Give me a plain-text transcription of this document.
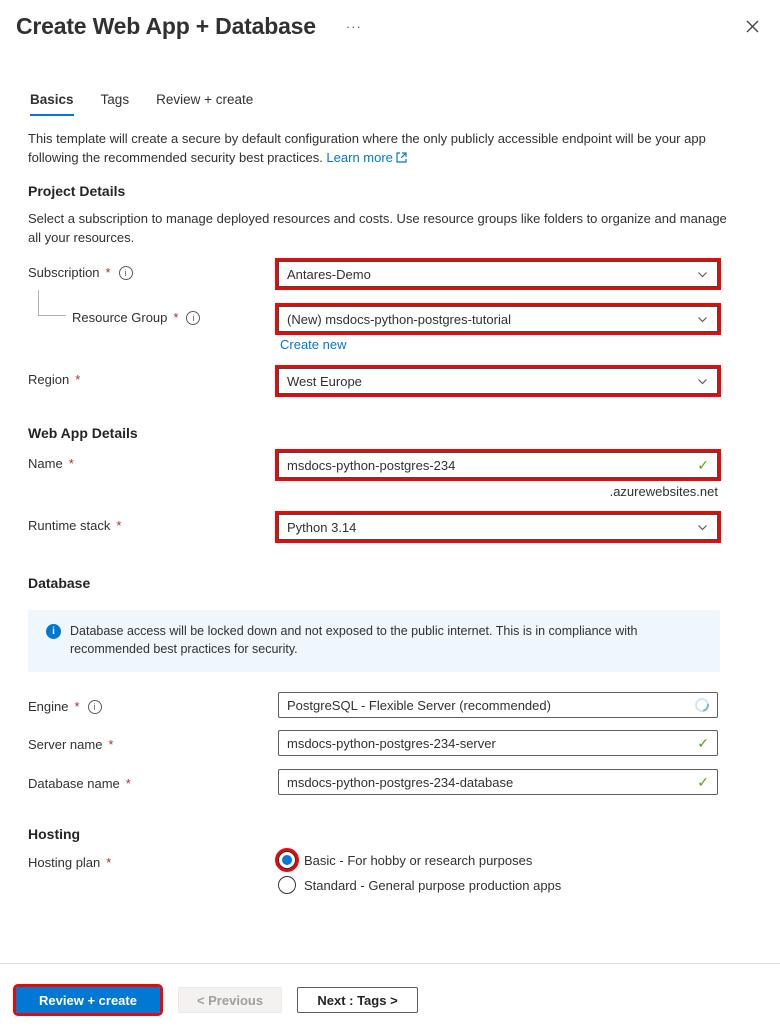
Create Web App + Database	···
Basics Tags Review + create

This template will create a secure by default configuration where the only publicly accessible endpoint will be your app following the recommended security best practices. Learn more

Project Details

Select a subscription to manage deployed resources and costs. Use resource groups like folders to organize and manage all your resources.

Subscription *	i	Antares-Demo
Resource Group *	i	(New) msdocs-python-postgres-tutorial
Create new
Region *	West Europe
Web App Details
Name *	msdocs-python-postgres-234	✓
.azurewebsites.net
Runtime stack *	Python 3.14
Database
i	Database access will be locked down and not exposed to the public internet. This is in compliance with recommended best practices for security.
Engine *	i	PostgreSQL - Flexible Server (recommended)
Server name *	msdocs-python-postgres-234-server	✓
Database name *	msdocs-python-postgres-234-database	✓
Hosting
Hosting plan *	Basic - For hobby or research purposes
Standard - General purpose production apps
Review + create	< Previous	Next : Tags >
